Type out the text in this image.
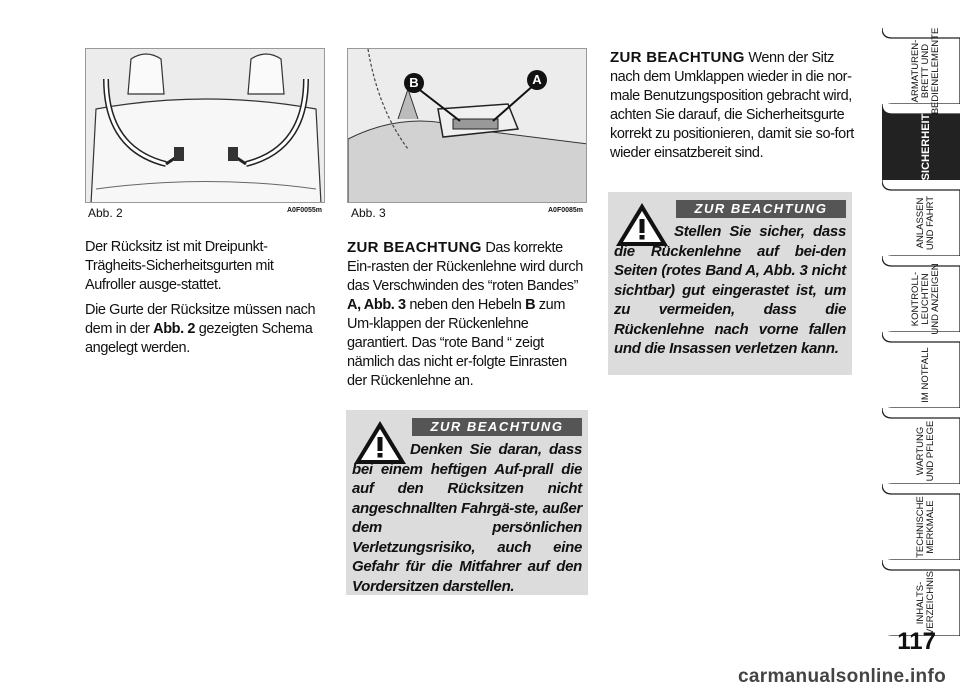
Abb. 2	A0F0055m
B	A
Abb. 3	A0F0085m

Der Rücksitz ist mit Dreipunkt-Trägheits-Sicherheitsgurten mit Aufroller ausge-stattet.

Die Gurte der Rücksitze müssen nach dem in der Abb. 2 gezeigten Schema angelegt werden.

ZUR BEACHTUNG Das korrekte Ein-rasten der Rückenlehne wird durch das Verschwinden des “roten Bandes” A, Abb. 3 neben den Hebeln B zum Um-klappen der Rückenlehne garantiert. Das “rote Band “ zeigt nämlich das nicht er-folgte Einrasten der Rückenlehne an.

ZUR BEACHTUNG Wenn der Sitz nach dem Umklappen wieder in die nor-male Benutzungsposition gebracht wird, achten Sie darauf, die Sicherheitsgurte korrekt zu positionieren, damit sie so-fort wieder einsatzbereit sind.

ZUR BEACHTUNG

Stellen Sie sicher, dass die Rückenlehne auf bei-den Seiten (rotes Band A, Abb. 3 nicht sichtbar) gut eingerastet ist, um zu vermeiden, dass die Rückenlehne nach vorne fallen und die Insassen verletzen kann.

ZUR BEACHTUNG

Denken Sie daran, dass bei einem heftigen Auf-prall die auf den Rücksitzen nicht angeschnallten Fahrgä-ste, außer dem persönlichen Verletzungsrisiko, auch eine Gefahr für die Mitfahrer auf den Vordersitzen darstellen.

ARMATUREN-
BRETT UND
BEDIENELEMENTE
SICHERHEIT
ANLASSEN
UND FAHRT
KONTROLL-
LEUCHTEN
UND ANZEIGEN
IM NOTFALL
WARTUNG
UND PFLEGE
TECHNISCHE
MERKMALE
INHALTS-
VERZEICHNIS
117
carmanualsonline.info
